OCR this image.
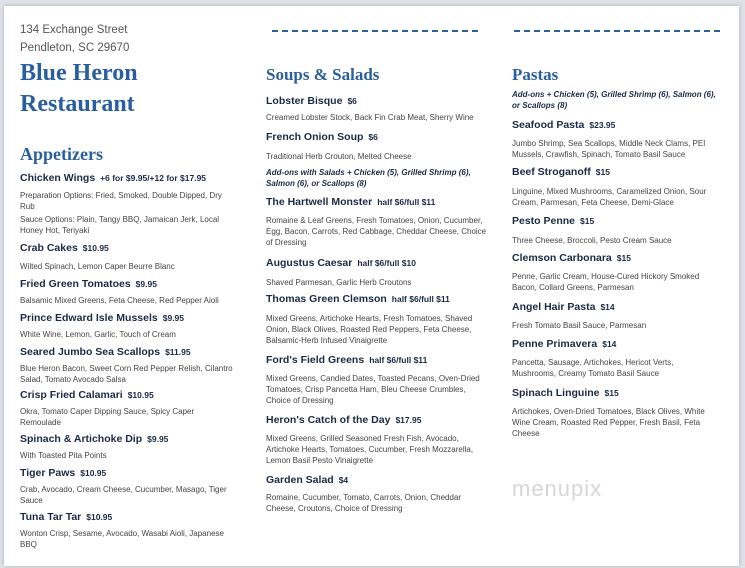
134 Exchange Street
Pendleton, SC 29670
Blue Heron
Restaurant
Appetizers
Chicken Wings +6 for $9.95/+12 for $17.95
Preparation Options: Fried, Smoked, Double Dipped, Dry Rub
Sauce Options: Plain, Tangy BBQ, Jamaican Jerk, Local Honey Hot, Teriyaki
Crab Cakes $10.95
Wilted Spinach, Lemon Caper Beurre Blanc
Fried Green Tomatoes $9.95
Balsamic Mixed Greens, Feta Cheese, Red Pepper Aioli
Prince Edward Isle Mussels $9.95
White Wine, Lemon, Garlic, Touch of Cream
Seared Jumbo Sea Scallops $11.95
Blue Heron Bacon, Sweet Corn Red Pepper Relish, Cilantro Salad, Tomato Avocado Salsa
Crisp Fried Calamari $10.95
Okra, Tomato Caper Dipping Sauce, Spicy Caper Remoulade
Spinach & Artichoke Dip $9.95
With Toasted Pita Points
Tiger Paws $10.95
Crab, Avocado, Cream Cheese, Cucumber, Masago, Tiger Sauce
Tuna Tar Tar $10.95
Wonton Crisp, Sesame, Avocado, Wasabi Aioli, Japanese BBQ
Soups & Salads
Lobster Bisque $6
Creamed Lobster Stock, Back Fin Crab Meat, Sherry Wine
French Onion Soup $6
Traditional Herb Crouton, Melted Cheese
Add-ons with Salads + Chicken (5), Grilled Shrimp (6), Salmon (6), or Scallops (8)
The Hartwell Monster half $6/full $11
Romaine & Leaf Greens, Fresh Tomatoes, Onion, Cucumber, Egg, Bacon, Carrots, Red Cabbage, Cheddar Cheese, Choice of Dressing
Augustus Caesar half $6/full $10
Shaved Parmesan, Garlic Herb Croutons
Thomas Green Clemson half $6/full $11
Mixed Greens, Artichoke Hearts, Fresh Tomatoes, Shaved Onion, Black Olives, Roasted Red Peppers, Feta Cheese, Balsamic-Herb Infused Vinaigrette
Ford's Field Greens half $6/full $11
Mixed Greens, Candied Dates, Toasted Pecans, Oven-Dried Tomatoes, Crisp Pancetta Ham, Bleu Cheese Crumbles, Choice of Dressing
Heron's Catch of the Day $17.95
Mixed Greens, Grilled Seasoned Fresh Fish, Avocado, Artichoke Hearts, Tomatoes, Cucumber, Fresh Mozzarella, Lemon Basil Pesto Vinaigrette
Garden Salad $4
Romaine, Cucumber, Tomato, Carrots, Onion, Cheddar Cheese, Croutons, Choice of Dressing
Pastas
Add-ons + Chicken (5), Grilled Shrimp (6), Salmon (6), or Scallops (8)
Seafood Pasta $23.95
Jumbo Shrimp, Sea Scallops, Middle Neck Clams, PEI Mussels, Crawfish, Spinach, Tomato Basil Sauce
Beef Stroganoff $15
Linguine, Mixed Mushrooms, Caramelized Onion, Sour Cream, Parmesan, Feta Cheese, Demi-Glace
Pesto Penne $15
Three Cheese, Broccoli, Pesto Cream Sauce
Clemson Carbonara $15
Penne, Garlic Cream, House-Cured Hickory Smoked Bacon, Collard Greens, Parmesan
Angel Hair Pasta $14
Fresh Tomato Basil Sauce, Parmesan
Penne Primavera $14
Pancetta, Sausage, Artichokes, Hericot Verts, Mushrooms, Creamy Tomato Basil Sauce
Spinach Linguine $15
Artichokes, Oven-Dried Tomatoes, Black Olives, White Wine Cream, Roasted Red Pepper, Fresh Basil, Feta Cheese
menupix
